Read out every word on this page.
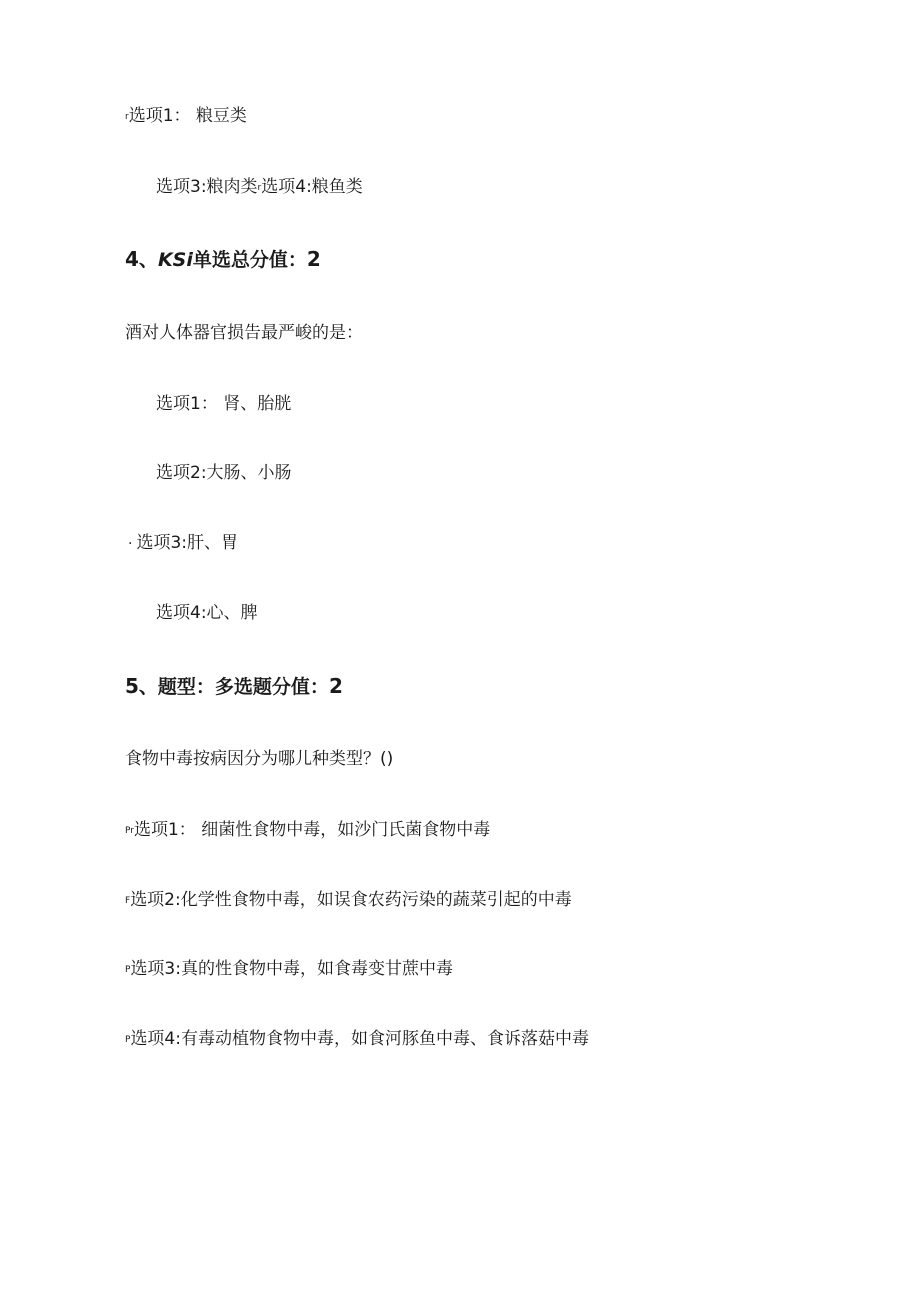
$^r$选项1： 粮豆类
选项3:粮肉类$^r$选项4:粮鱼类
4、KSi单选总分值：2
酒对人体器官损告最严峻的是：
选项1： 肾、胎胱
选项2:大肠、小肠
· 选项3:肝、胃
选项4:心、脾
5、题型：多选题分值：2
食物中毒按病因分为哪儿种类型？()
$^{Pr}$选项1： 细菌性食物中毒，如沙门氏菌食物中毒
$^F$选项2:化学性食物中毒，如误食农药污染的蔬菜引起的中毒
$^P$选项3:真的性食物中毒，如食毒变甘蔗中毒
$^P$选项4:有毒动植物食物中毒，如食河豚鱼中毒、食诉落菇中毒
